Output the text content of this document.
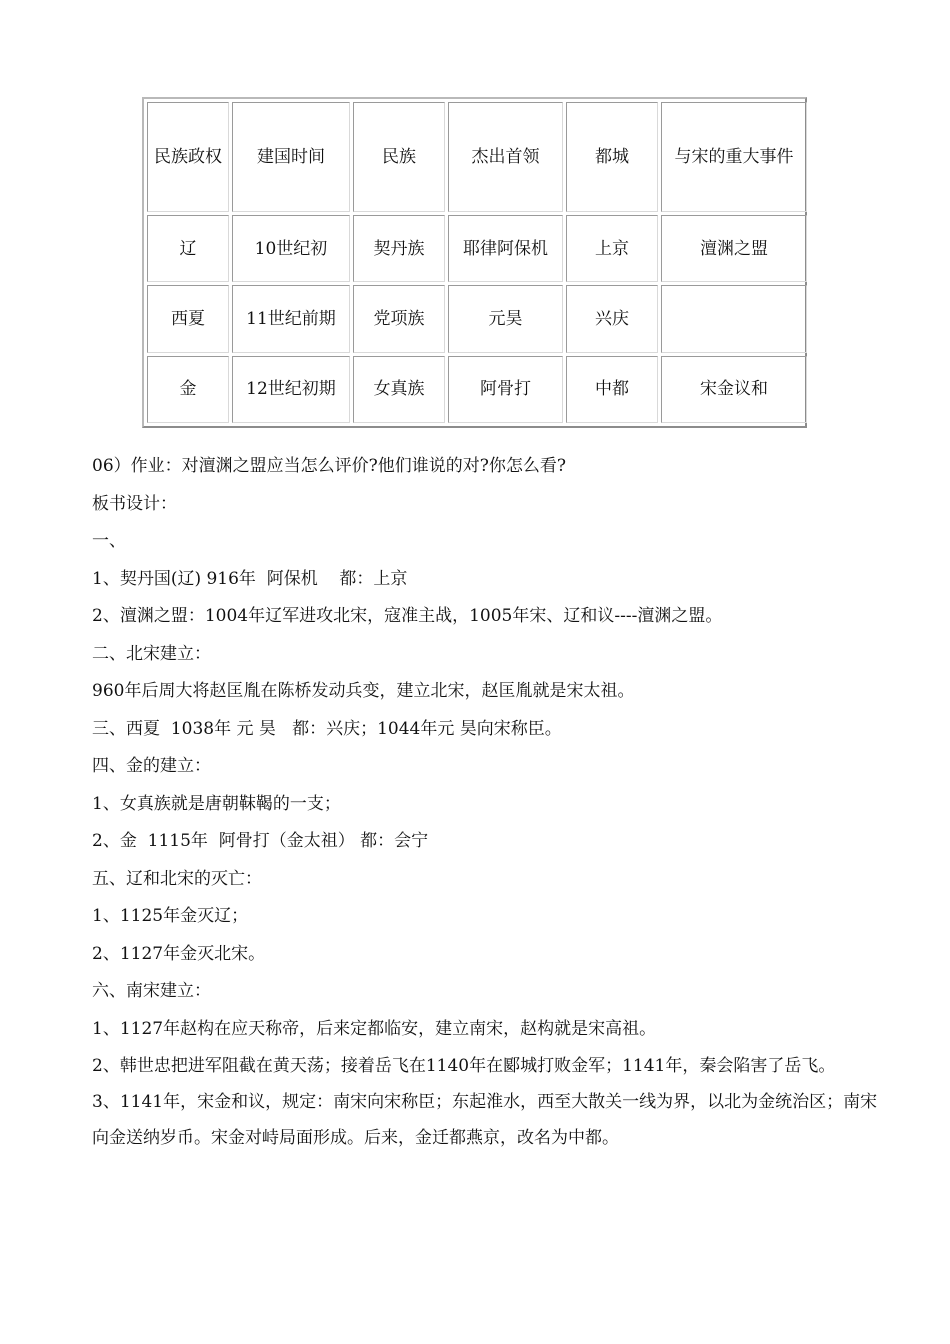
民族政权	建国时间	民族	杰出首领	都城	与宋的重大事件
辽	10世纪初	契丹族	耶律阿保机	上京	澶渊之盟
西夏	11世纪前期	党项族	元昊	兴庆	
金	12世纪初期	女真族	阿骨打	中都	宋金议和

06）作业：对澶渊之盟应当怎么评价?他们谁说的对?你怎么看?

板书设计：

一、

1、契丹国(辽) 916年  阿保机    都：上京

2、澶渊之盟：1004年辽军进攻北宋，寇准主战，1005年宋、辽和议----澶渊之盟。

二、北宋建立：

960年后周大将赵匡胤在陈桥发动兵变，建立北宋，赵匡胤就是宋太祖。

三、西夏  1038年 元 昊   都：兴庆；1044年元 昊向宋称臣。

四、金的建立：

1、女真族就是唐朝靺鞨的一支；

2、金  1115年  阿骨打（金太祖） 都：会宁

五、辽和北宋的灭亡：

1、1125年金灭辽；

2、1127年金灭北宋。

六、南宋建立：

1、1127年赵构在应天称帝，后来定都临安，建立南宋，赵构就是宋高祖。

2、韩世忠把进军阻截在黄天荡；接着岳飞在1140年在郾城打败金军；1141年，秦会陷害了岳飞。

3、1141年，宋金和议，规定：南宋向宋称臣；东起淮水，西至大散关一线为界，以北为金统治区；南宋向金送纳岁币。宋金对峙局面形成。后来，金迁都燕京，改名为中都。
